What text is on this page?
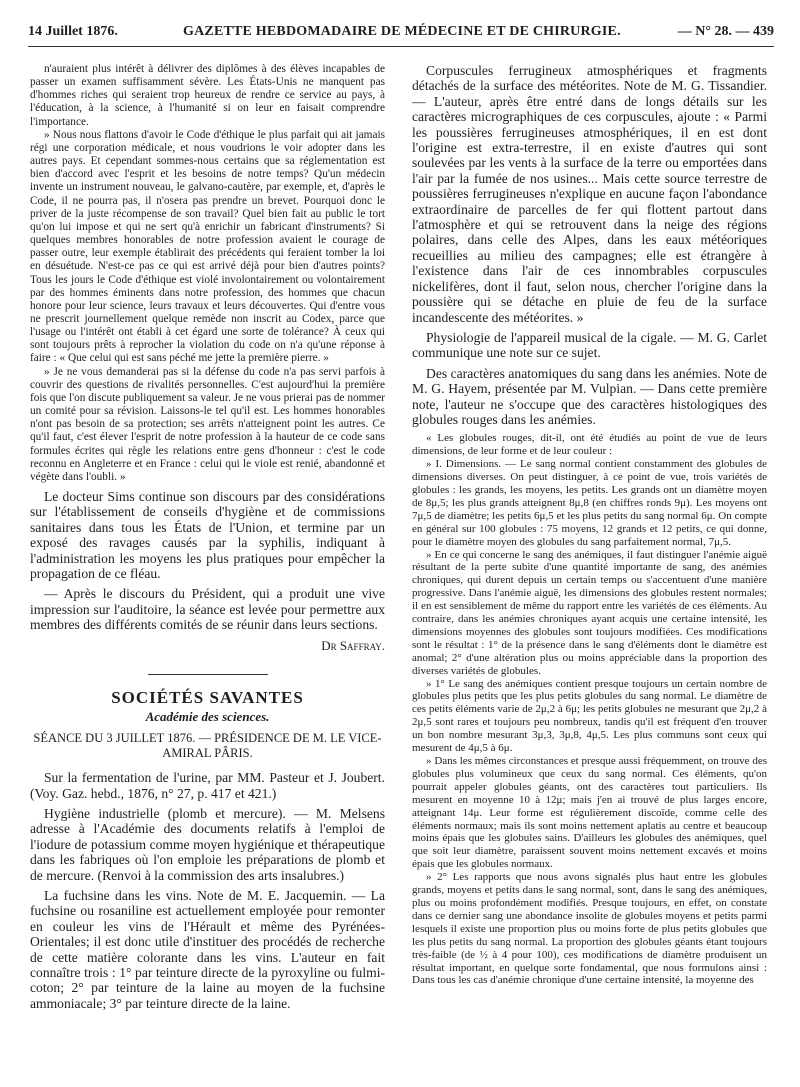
14 Juillet 1876.	GAZETTE HEBDOMADAIRE DE MÉDECINE ET DE CHIRURGIE.	— N° 28. — 439

n'auraient plus intérêt à délivrer des diplômes à des élèves incapables de passer un examen suffisamment sévère. Les États-Unis ne manquent pas d'hommes riches qui seraient trop heureux de rendre ce service au pays, à l'éducation, à la science, à l'humanité si on leur en faisait comprendre l'importance.

» Nous nous flattons d'avoir le Code d'éthique le plus parfait qui ait jamais régi une corporation médicale, et nous voudrions le voir adopter dans les autres pays. Et cependant sommes-nous certains que sa réglementation est bien d'accord avec l'esprit et les besoins de notre temps? Qu'un médecin invente un instrument nouveau, le galvano-cautère, par exemple, et, d'après le Code, il ne pourra pas, il n'osera pas prendre un brevet. Pourquoi donc le priver de la juste récompense de son travail? Quel bien fait au public le tort qu'on lui impose et qui ne sert qu'à enrichir un fabricant d'instruments? Si quelques membres honorables de notre profession avaient le courage de passer outre, leur exemple établirait des précédents qui feraient tomber la loi en désuétude. N'est-ce pas ce qui est arrivé déjà pour bien d'autres points? Tous les jours le Code d'éthique est violé involontairement ou volontairement par des hommes éminents dans notre profession, des hommes que chacun honore pour leur science, leurs travaux et leurs découvertes. Qui d'entre vous ne prescrit journellement quelque remède non inscrit au Codex, parce que l'usage ou l'intérêt ont établi à cet égard une sorte de tolérance? À ceux qui sont toujours prêts à reprocher la violation du code on n'a qu'une réponse à faire : « Que celui qui est sans péché me jette la première pierre. »

» Je ne vous demanderai pas si la défense du code n'a pas servi parfois à couvrir des questions de rivalités personnelles. C'est aujourd'hui la première fois que l'on discute publiquement sa valeur. Je ne vous prierai pas de nommer un comité pour sa révision. Laissons-le tel qu'il est. Les hommes honorables n'ont pas besoin de sa protection; ses arrêts n'atteignent point les autres. Ce qu'il faut, c'est élever l'esprit de notre profession à la hauteur de ce code sans formules écrites qui règle les relations entre gens d'honneur : c'est le code reconnu en Angleterre et en France : celui qui le viole est renié, abandonné et végète dans l'oubli. »

Le docteur Sims continue son discours par des considérations sur l'établissement de conseils d'hygiène et de commissions sanitaires dans tous les États de l'Union, et termine par un exposé des ravages causés par la syphilis, indiquant à l'administration les moyens les plus pratiques pour empêcher la propagation de ce fléau.

— Après le discours du Président, qui a produit une vive impression sur l'auditoire, la séance est levée pour permettre aux membres des différents comités de se réunir dans leurs sections.

Dr Saffray.
SOCIÉTÉS SAVANTES
Académie des sciences.
SÉANCE DU 3 JUILLET 1876. — PRÉSIDENCE DE M. LE VICE-AMIRAL PÂRIS.

Sur la fermentation de l'urine, par MM. Pasteur et J. Joubert. (Voy. Gaz. hebd., 1876, n° 27, p. 417 et 421.)

Hygiène industrielle (plomb et mercure). — M. Melsens adresse à l'Académie des documents relatifs à l'emploi de l'iodure de potassium comme moyen hygiénique et thérapeutique dans les fabriques où l'on emploie les préparations de plomb et de mercure. (Renvoi à la commission des arts insalubres.)

La fuchsine dans les vins. Note de M. E. Jacquemin. — La fuchsine ou rosaniline est actuellement employée pour remonter en couleur les vins de l'Hérault et même des Pyrénées-Orientales; il est donc utile d'instituer des procédés de recherche de cette matière colorante dans les vins. L'auteur en fait connaître trois : 1° par teinture directe de la pyroxyline ou fulmi-coton; 2° par teinture de la laine au moyen de la fuchsine ammoniacale; 3° par teinture directe de la laine.

Corpuscules ferrugineux atmosphériques et fragments détachés de la surface des météorites. Note de M. G. Tissandier. — L'auteur, après être entré dans de longs détails sur les caractères micrographiques de ces corpuscules, ajoute : « Parmi les poussières ferrugineuses atmosphériques, il en est dont l'origine est extra-terrestre, il en existe d'autres qui sont soulevées par les vents à la surface de la terre ou emportées dans l'air par la fumée de nos usines... Mais cette source terrestre de poussières ferrugineuses n'explique en aucune façon l'abondance extraordinaire de parcelles de fer qui flottent partout dans l'atmosphère et qui se retrouvent dans la neige des régions polaires, dans celle des Alpes, dans les eaux météoriques recueillies au milieu des campagnes; elle est étrangère à l'existence dans l'air de ces innombrables corpuscules nickelifères, dont il faut, selon nous, chercher l'origine dans la poussière qui se détache en pluie de feu de la surface incandescente des météorites. »

Physiologie de l'appareil musical de la cigale. — M. G. Carlet communique une note sur ce sujet.

Des caractères anatomiques du sang dans les anémies. Note de M. G. Hayem, présentée par M. Vulpian. — Dans cette première note, l'auteur ne s'occupe que des caractères histologiques des globules rouges dans les anémies.

« Les globules rouges, dit-il, ont été étudiés au point de vue de leurs dimensions, de leur forme et de leur couleur :

» I. Dimensions. — Le sang normal contient constamment des globules de dimensions diverses. On peut distinguer, à ce point de vue, trois variétés de globules : les grands, les moyens, les petits. Les grands ont un diamètre moyen de 8μ,5; les plus grands atteignent 8μ,8 (en chiffres ronds 9μ). Les moyens ont 7μ,5 de diamètre; les petits 6μ,5 et les plus petits du sang normal 6μ. On compte en général sur 100 globules : 75 moyens, 12 grands et 12 petits, ce qui donne, pour le diamètre moyen des globules du sang parfaitement normal, 7μ,5.

» En ce qui concerne le sang des anémiques, il faut distinguer l'anémie aiguë résultant de la perte subite d'une quantité importante de sang, des anémies chroniques, qui durent depuis un certain temps ou s'accentuent d'une manière progressive. Dans l'anémie aiguë, les dimensions des globules restent normales; il en est sensiblement de même du rapport entre les variétés de ces éléments. Au contraire, dans les anémies chroniques ayant acquis une certaine intensité, les dimensions moyennes des globules sont toujours modifiées. Ces modifications sont le résultat : 1° de la présence dans le sang d'éléments dont le diamètre est anomal; 2° d'une altération plus ou moins appréciable dans la proportion des diverses variétés de globules.

» 1° Le sang des anémiques contient presque toujours un certain nombre de globules plus petits que les plus petits globules du sang normal. Le diamètre de ces petits éléments varie de 2μ,2 à 6μ; les petits globules ne mesurant que 2μ,2 à 2μ,5 sont rares et toujours peu nombreux, tandis qu'il est fréquent d'en trouver un bon nombre mesurant 3μ,3, 3μ,8, 4μ,5. Les plus communs sont ceux qui mesurent de 4μ,5 à 6μ.

» Dans les mêmes circonstances et presque aussi fréquemment, on trouve des globules plus volumineux que ceux du sang normal. Ces éléments, qu'on pourrait appeler globules géants, ont des caractères tout particuliers. Ils mesurent en moyenne 10 à 12μ; mais j'en ai trouvé de plus larges encore, atteignant 14μ. Leur forme est régulièrement discoïde, comme celle des éléments normaux; mais ils sont moins nettement aplatis au centre et beaucoup moins épais que les globules sains. D'ailleurs les globules des anémiques, quel que soit leur diamètre, paraissent souvent moins nettement excavés et moins épais que les globules normaux.

» 2° Les rapports que nous avons signalés plus haut entre les globules grands, moyens et petits dans le sang normal, sont, dans le sang des anémiques, plus ou moins profondément modifiés. Presque toujours, en effet, on constate dans ce dernier sang une abondance insolite de globules moyens et petits parmi lesquels il existe une proportion plus ou moins forte de plus petits globules que les plus petits du sang normal. La proportion des globules géants étant toujours très-faible (de ½ à 4 pour 100), ces modifications de diamètre produisent un résultat important, en quelque sorte fondamental, que nous formulons ainsi : Dans tous les cas d'anémie chronique d'une certaine intensité, la moyenne des
